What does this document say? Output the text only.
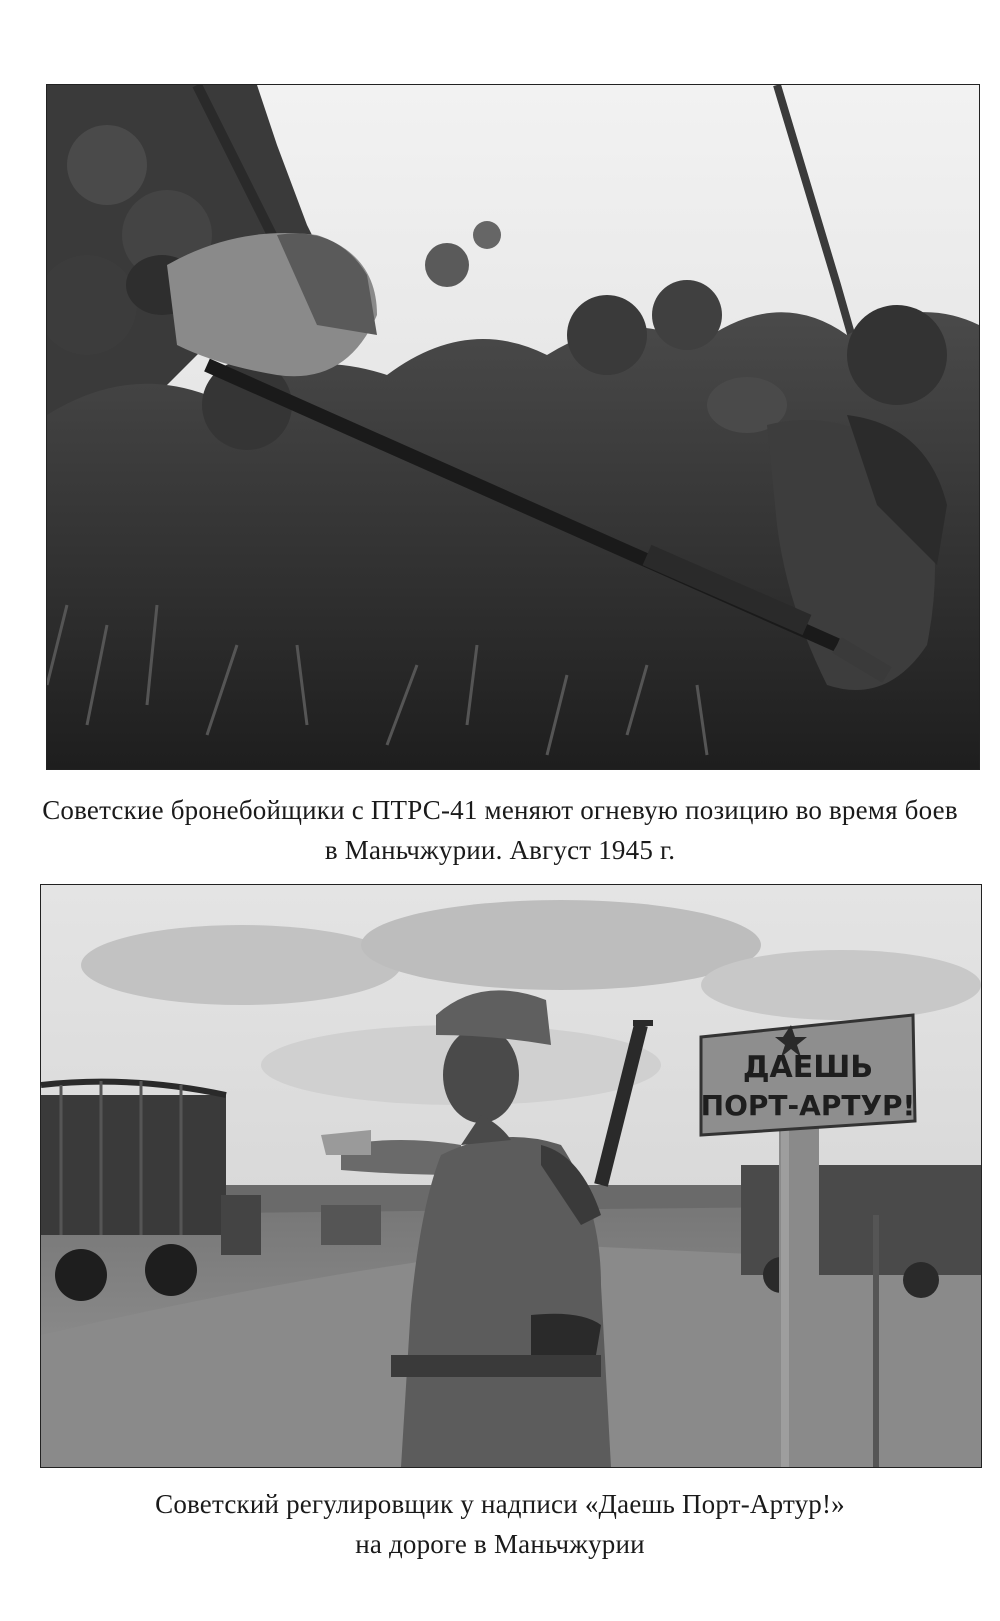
Советские бронебойщики с ПТРС-41 меняют огневую позицию во время боев
в Маньчжурии. Август 1945 г.
ДАЕШЬ
ПОРТ-АРТУР!
Советский регулировщик у надписи «Даешь Порт-Артур!»
на дороге в Маньчжурии
